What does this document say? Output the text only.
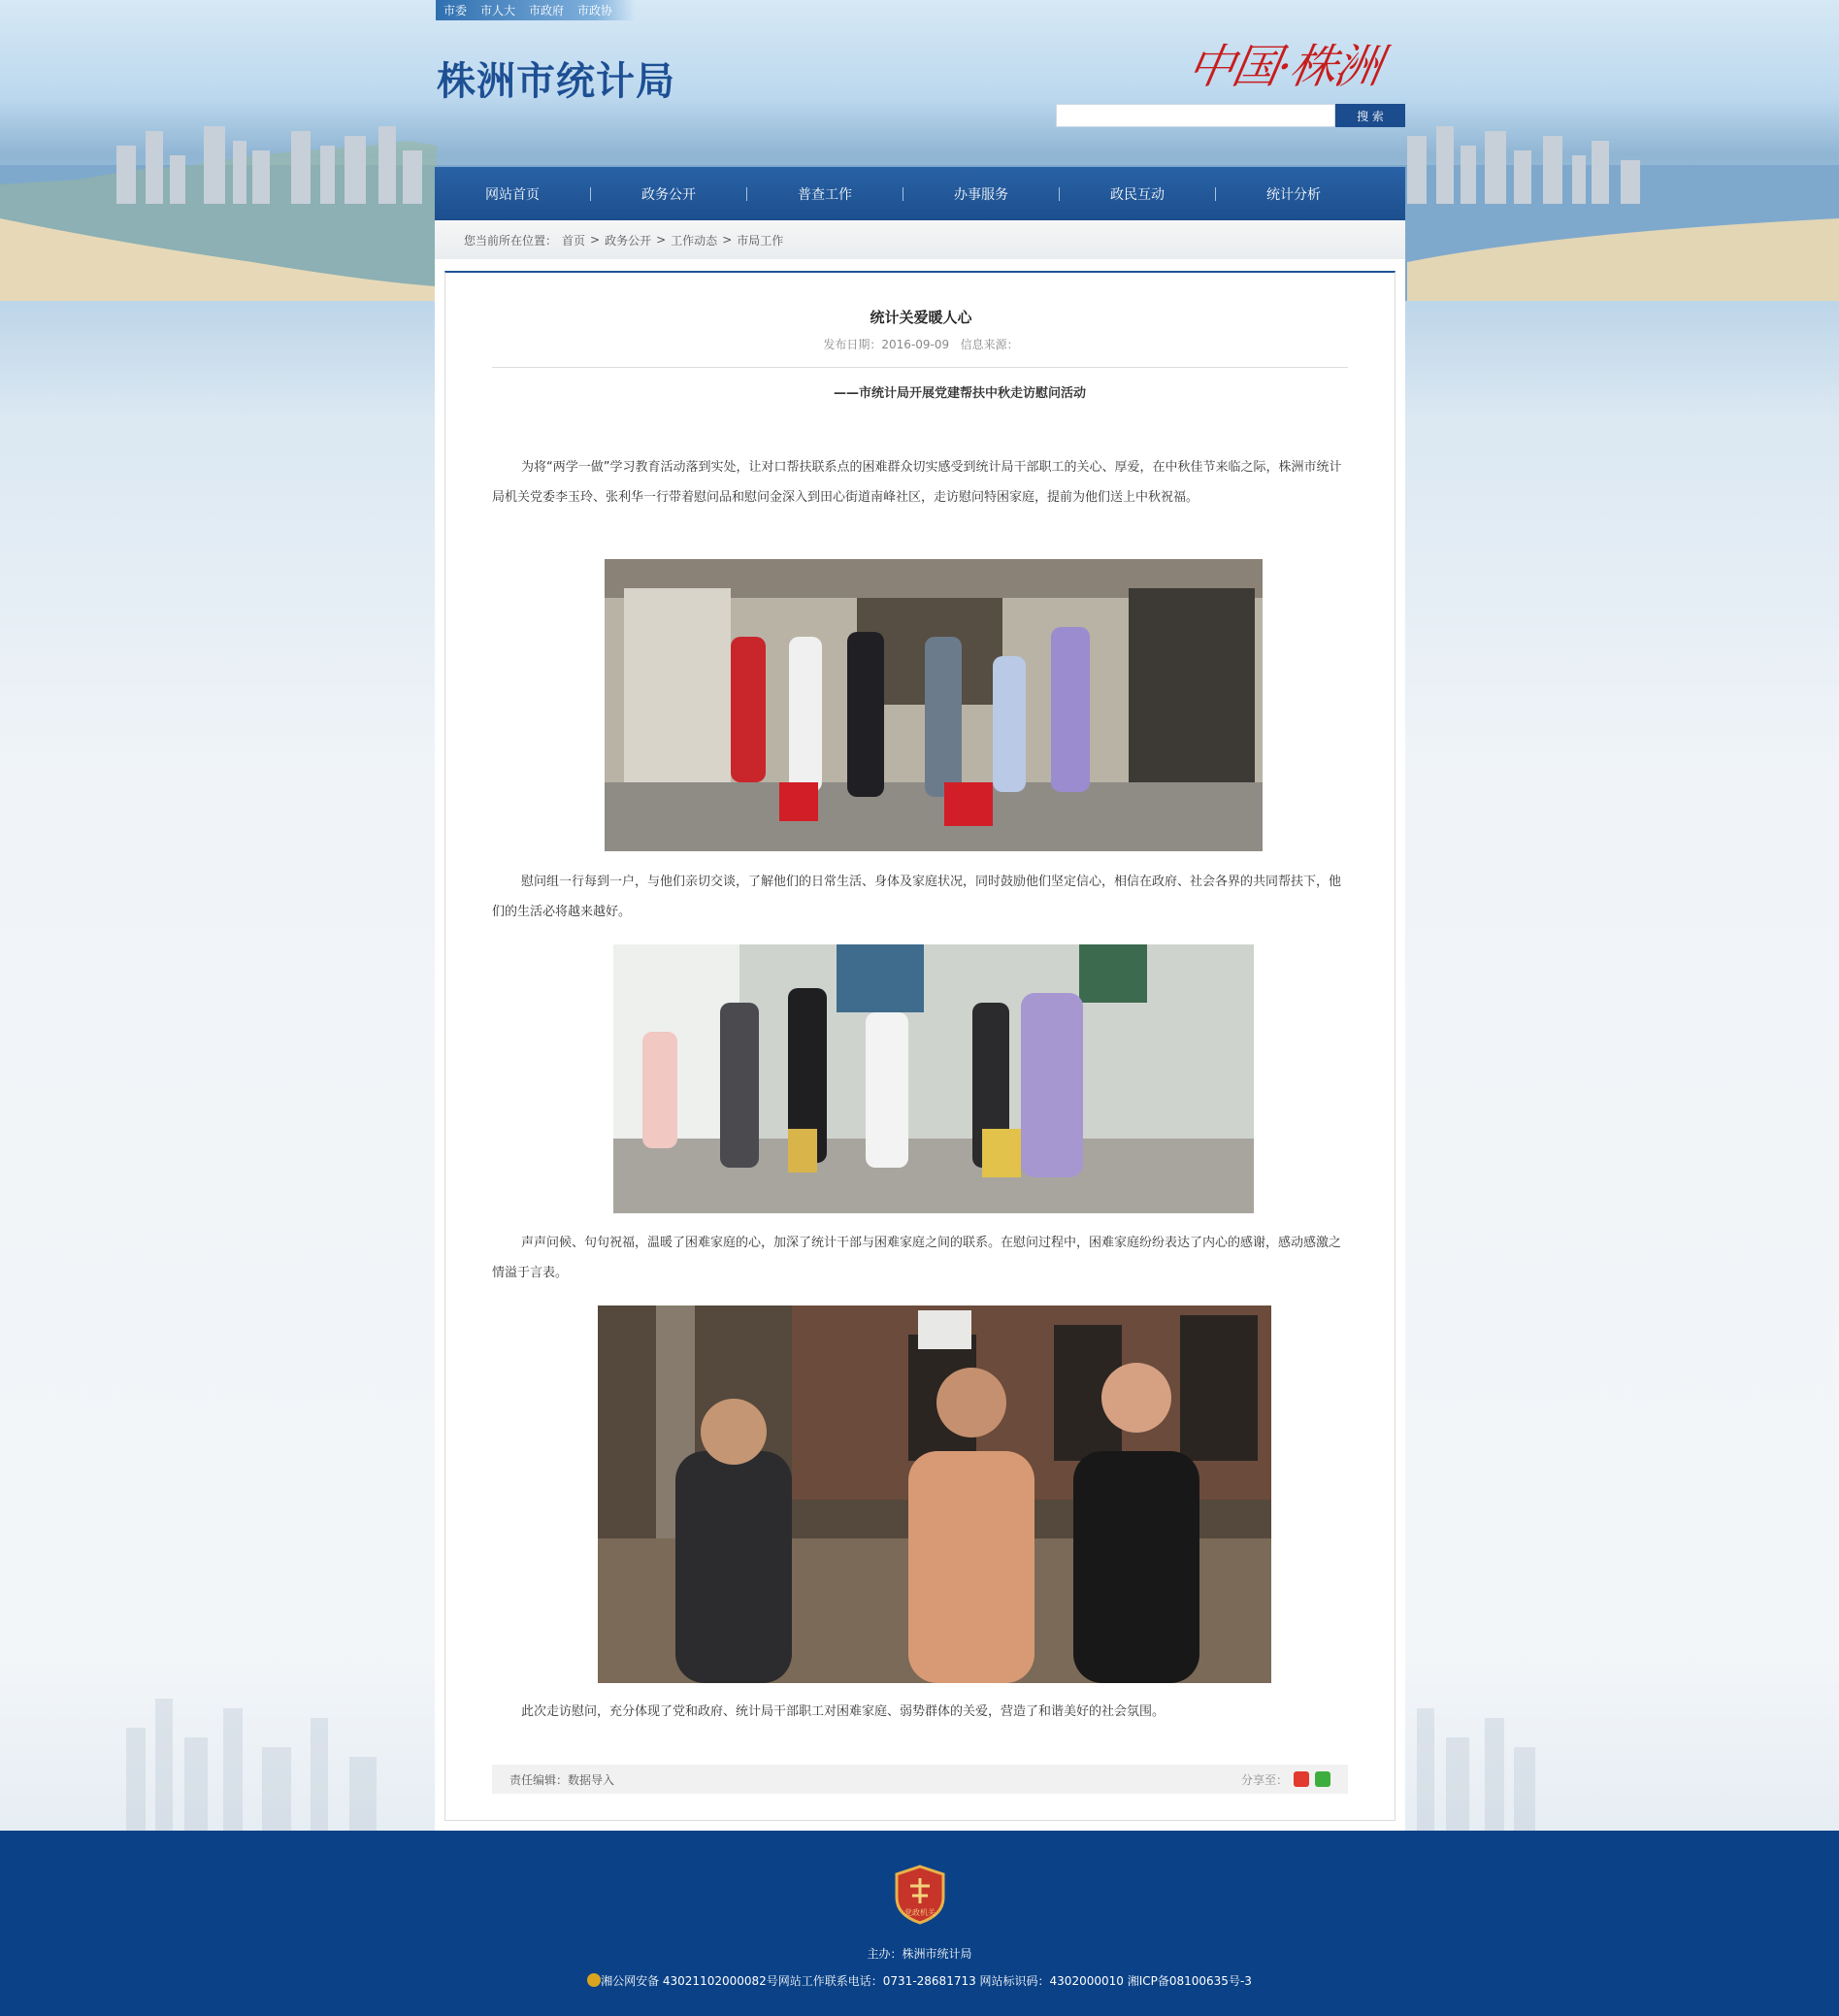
市委 市人大 市政府 市政协
株洲市统计局	中国·株洲
搜 索
网站首页	政务公开	普查工作	办事服务	政民互动	统计分析
您当前所在位置： 首页 > 政务公开 > 工作动态 > 市局工作
统计关爱暖人心
发布日期：2016-09-09   信息来源：
——市统计局开展党建帮扶中秋走访慰问活动

为将“两学一做”学习教育活动落到实处，让对口帮扶联系点的困难群众切实感受到统计局干部职工的关心、厚爱，在中秋佳节来临之际，株洲市统计局机关党委李玉玲、张利华一行带着慰问品和慰问金深入到田心街道南峰社区，走访慰问特困家庭，提前为他们送上中秋祝福。

慰问组一行每到一户，与他们亲切交谈，了解他们的日常生活、身体及家庭状况，同时鼓励他们坚定信心，相信在政府、社会各界的共同帮扶下，他们的生活必将越来越好。

声声问候、句句祝福，温暖了困难家庭的心，加深了统计干部与困难家庭之间的联系。在慰问过程中，困难家庭纷纷表达了内心的感谢，感动感激之情溢于言表。

此次走访慰问，充分体现了党和政府、统计局干部职工对困难家庭、弱势群体的关爱，营造了和谐美好的社会氛围。

责任编辑：数据导入	分享至：
党政机关
主办：株洲市统计局
湘公网安备 43021102000082号网站工作联系电话：0731-28681713 网站标识码：4302000010 湘ICP备08100635号-3
